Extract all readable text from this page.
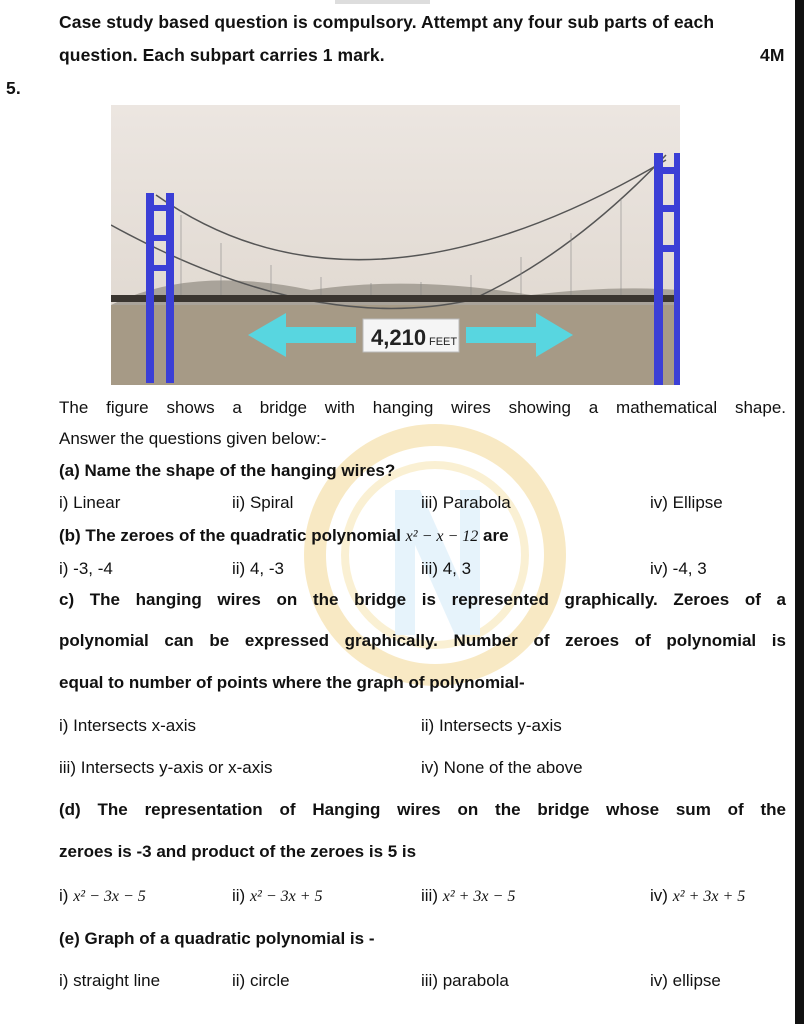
Case study based question is compulsory. Attempt any four sub parts of each
question. Each subpart carries 1 mark.	4M
5.
4,210 FEET
The figure shows a bridge with hanging wires showing a mathematical shape.
Answer the questions given below:-
(a) Name the shape of the hanging wires?
i) Linear	ii) Spiral	iii) Parabola	iv) Ellipse
(b) The zeroes of the quadratic polynomial x² − x − 12 are
i) -3, -4	ii) 4, -3	iii) 4, 3	iv) -4, 3
c) The hanging wires on the bridge is represented graphically. Zeroes of a
polynomial can be expressed graphically. Number of zeroes of polynomial is
equal to number of points where the graph of polynomial-
i) Intersects x-axis	ii) Intersects y-axis
iii) Intersects y-axis or x-axis	iv) None of the above
(d) The representation of Hanging wires on the bridge whose sum of the
zeroes is -3 and product of the zeroes is 5 is
i) x² − 3x − 5	ii) x² − 3x + 5	iii) x² + 3x − 5	iv) x² + 3x + 5
(e) Graph of a quadratic polynomial is -
i) straight line	ii) circle	iii) parabola	iv) ellipse
